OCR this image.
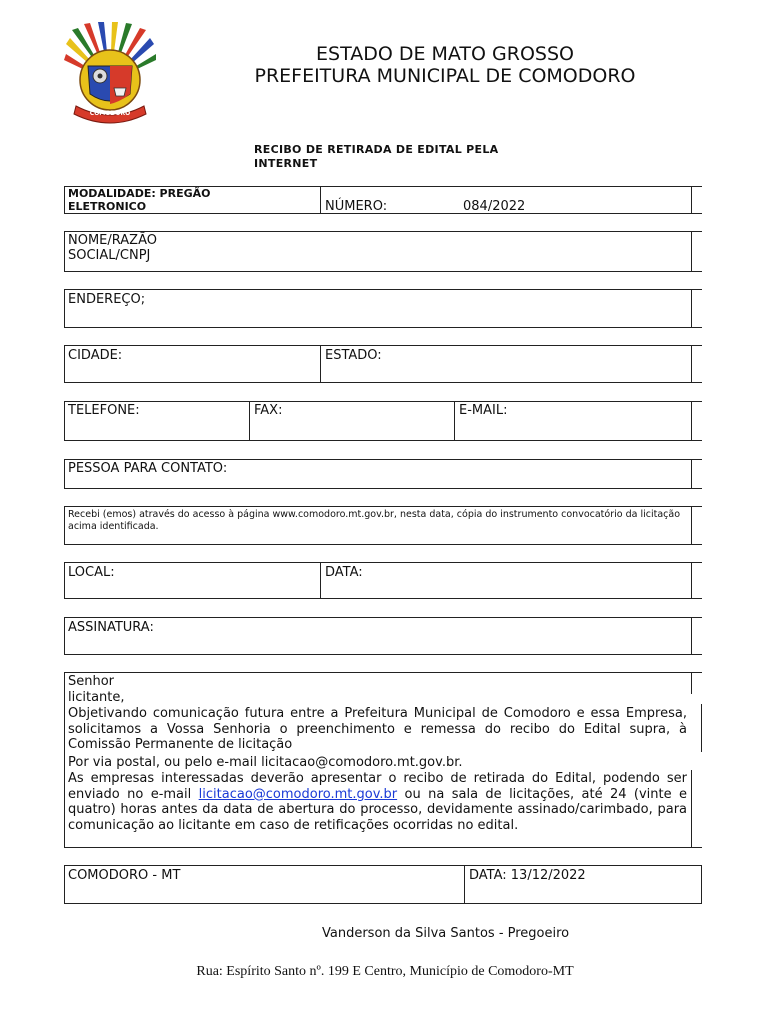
COMODORO
ESTADO DE MATO GROSSO
PREFEITURA MUNICIPAL DE COMODORO
RECIBO DE RETIRADA DE EDITAL PELA INTERNET
MODALIDADE: PREGÃO ELETRONICO	NÚMERO:	084/2022
NOME/RAZÃO SOCIAL/CNPJ
ENDEREÇO;
CIDADE:	ESTADO:
TELEFONE:	FAX:	E-MAIL:
PESSOA PARA CONTATO:
Recebi (emos) através do acesso à página www.comodoro.mt.gov.br, nesta data, cópia do instrumento convocatório da licitação acima identificada.
LOCAL:	DATA:
ASSINATURA:
Senhor licitante,
Objetivando comunicação futura entre a Prefeitura Municipal de Comodoro e essa Empresa, solicitamos a Vossa Senhoria o preenchimento e remessa do recibo do Edital supra, à Comissão Permanente de licitação
Por via postal, ou pelo e-mail licitacao@comodoro.mt.gov.br.
As empresas interessadas deverão apresentar o recibo de retirada do Edital, podendo ser enviado no e-mail licitacao@comodoro.mt.gov.br ou na sala de licitações, até 24 (vinte e quatro) horas antes da data de abertura do processo, devidamente assinado/carimbado, para comunicação ao licitante em caso de retificações ocorridas no edital.
COMODORO - MT	DATA: 13/12/2022
Vanderson da Silva Santos - Pregoeiro
Rua: Espírito Santo nº. 199 E Centro, Município de Comodoro-MT
